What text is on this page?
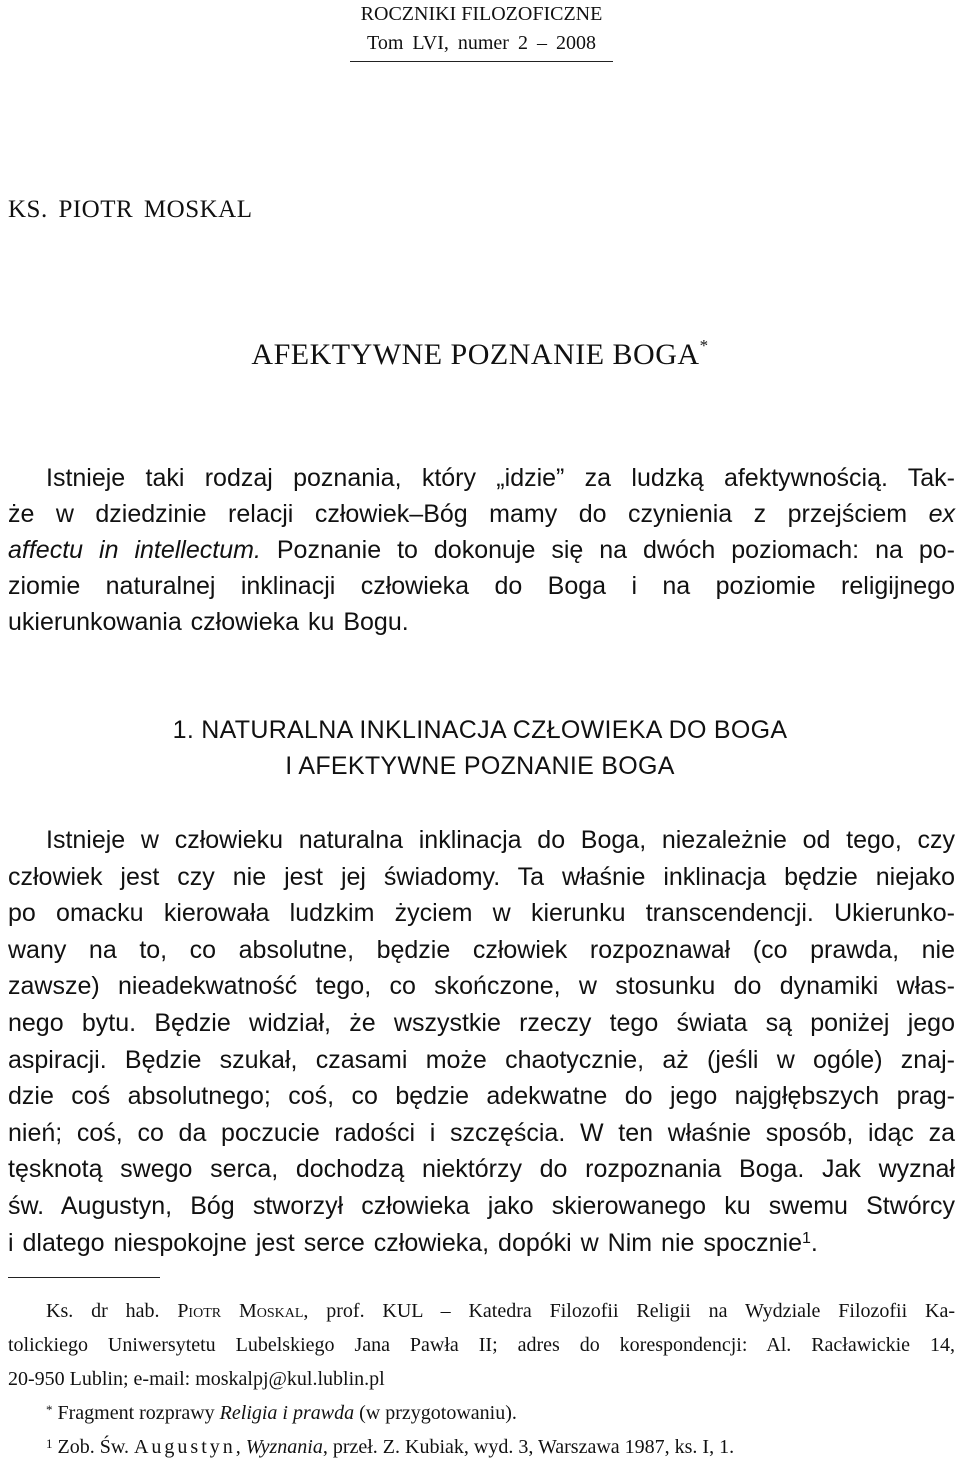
ROCZNIKI FILOZOFICZNE
Tom LVI, numer 2 – 2008
KS. PIOTR MOSKAL
AFEKTYWNE POZNANIE BOGA*
Istnieje taki rodzaj poznania, który „idzie” za ludzką afektywnością. Tak-
że w dziedzinie relacji człowiek–Bóg mamy do czynienia z przejściem ex
affectu in intellectum. Poznanie to dokonuje się na dwóch poziomach: na po-
ziomie naturalnej inklinacji człowieka do Boga i na poziomie religijnego
ukierunkowania człowieka ku Bogu.
1. NATURALNA INKLINACJA CZŁOWIEKA DO BOGA
I AFEKTYWNE POZNANIE BOGA
Istnieje w człowieku naturalna inklinacja do Boga, niezależnie od tego, czy
człowiek jest czy nie jest jej świadomy. Ta właśnie inklinacja będzie niejako
po omacku kierowała ludzkim życiem w kierunku transcendencji. Ukierunko-
wany na to, co absolutne, będzie człowiek rozpoznawał (co prawda, nie
zawsze) nieadekwatność tego, co skończone, w stosunku do dynamiki włas-
nego bytu. Będzie widział, że wszystkie rzeczy tego świata są poniżej jego
aspiracji. Będzie szukał, czasami może chaotycznie, aż (jeśli w ogóle) znaj-
dzie coś absolutnego; coś, co będzie adekwatne do jego najgłębszych prag-
nień; coś, co da poczucie radości i szczęścia. W ten właśnie sposób, idąc za
tęsknotą swego serca, dochodzą niektórzy do rozpoznania Boga. Jak wyznał
św. Augustyn, Bóg stworzył człowieka jako skierowanego ku swemu Stwórcy
i dlatego niespokojne jest serce człowieka, dopóki w Nim nie spocznie$^1$.
Ks. dr hab. Piotr Moskal, prof. KUL – Katedra Filozofii Religii na Wydziale Filozofii Ka-
tolickiego Uniwersytetu Lubelskiego Jana Pawła II; adres do korespondencji: Al. Racławickie 14,
20-950 Lublin; e-mail: moskalpj@kul.lublin.pl
* Fragment rozprawy Religia i prawda (w przygotowaniu).
$^1$ Zob. Św. Augustyn, Wyznania, przeł. Z. Kubiak, wyd. 3, Warszawa 1987, ks. I, 1.
